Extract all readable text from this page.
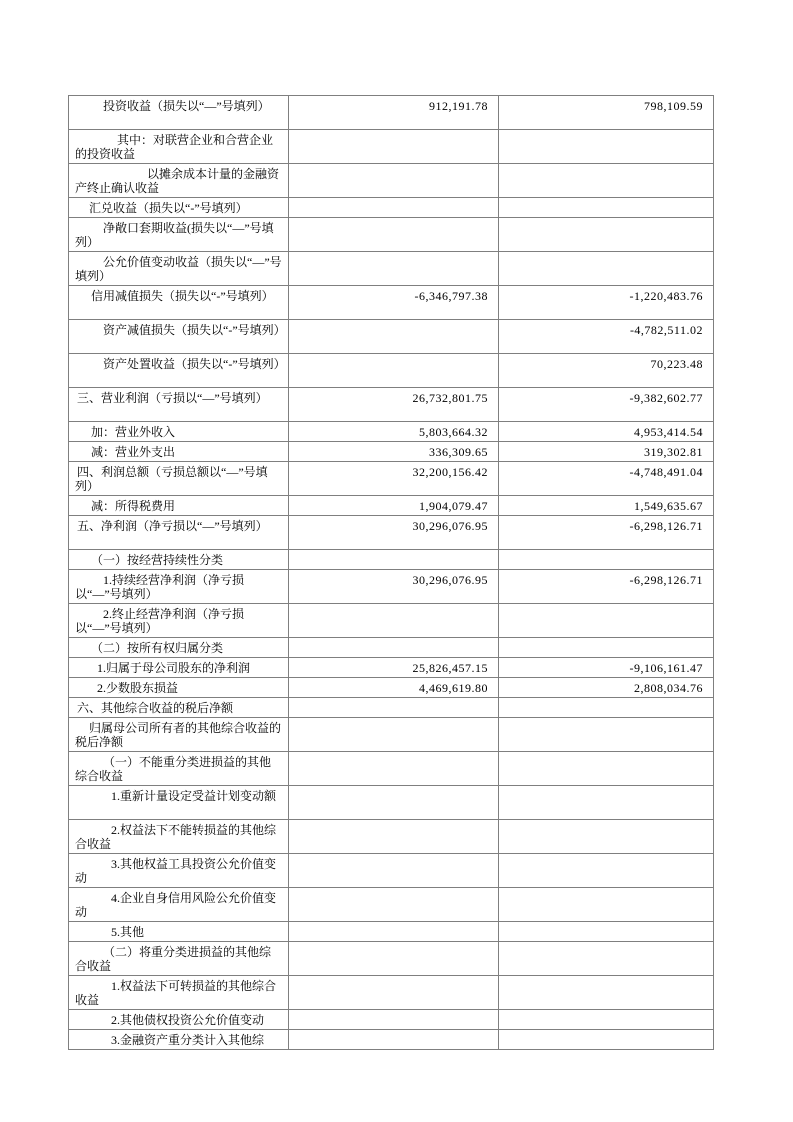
投资收益（损失以“—”号填列）	912,191.78	798,109.59
其中：对联营企业和合营企业的投资收益		
以摊余成本计量的金融资产终止确认收益		
汇兑收益（损失以“-”号填列）		
净敞口套期收益(损失以“—”号填列）		
公允价值变动收益（损失以“—”号填列）		
信用减值损失（损失以“-”号填列）	-6,346,797.38	-1,220,483.76
资产减值损失（损失以“-”号填列）		-4,782,511.02
资产处置收益（损失以“-”号填列）		70,223.48
三、营业利润（亏损以“—”号填列）	26,732,801.75	-9,382,602.77
加：营业外收入	5,803,664.32	4,953,414.54
减：营业外支出	336,309.65	319,302.81
四、利润总额（亏损总额以“—”号填列）	32,200,156.42	-4,748,491.04
减：所得税费用	1,904,079.47	1,549,635.67
五、净利润（净亏损以“—”号填列）	30,296,076.95	-6,298,126.71
（一）按经营持续性分类		
1.持续经营净利润（净亏损以“—”号填列）	30,296,076.95	-6,298,126.71
2.终止经营净利润（净亏损以“—”号填列）		
（二）按所有权归属分类		
1.归属于母公司股东的净利润	25,826,457.15	-9,106,161.47
2.少数股东损益	4,469,619.80	2,808,034.76
六、其他综合收益的税后净额		
归属母公司所有者的其他综合收益的税后净额		
（一）不能重分类进损益的其他综合收益		
1.重新计量设定受益计划变动额		
2.权益法下不能转损益的其他综合收益		
3.其他权益工具投资公允价值变动		
4.企业自身信用风险公允价值变动		
5.其他		
（二）将重分类进损益的其他综合收益		
1.权益法下可转损益的其他综合收益		
2.其他债权投资公允价值变动		
3.金融资产重分类计入其他综		
